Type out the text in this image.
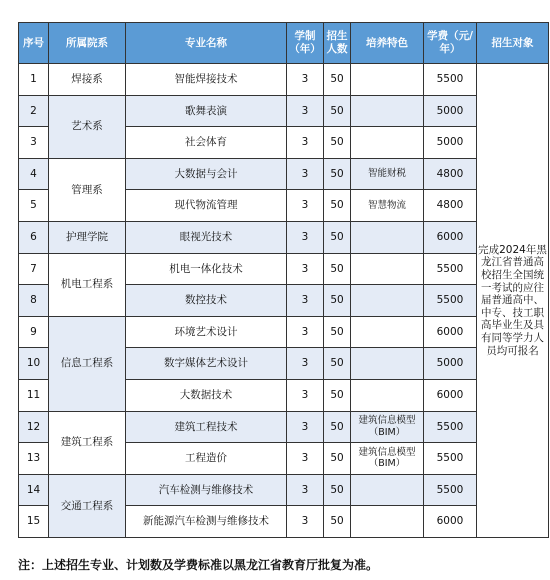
序号	所属院系	专业名称	学制（年）	招生人数	培养特色	学费（元/年）	招生对象
1	焊接系	智能焊接技术	3	50		5500	完成2024年黑龙江省普通高校招生全国统一考试的应往届普通高中、中专、技工职高毕业生及具有同等学力人员均可报名
2	艺术系	歌舞表演	3	50		5000	
3		社会体育	3	50		5000	
4	管理系	大数据与会计	3	50	智能财税	4800	
5		现代物流管理	3	50	智慧物流	4800	
6	护理学院	眼视光技术	3	50		6000	
7	机电工程系	机电一体化技术	3	50		5500	
8		数控技术	3	50		5500	
9	信息工程系	环境艺术设计	3	50		6000	
10		数字媒体艺术设计	3	50		5000	
11		大数据技术	3	50		6000	
12	建筑工程系	建筑工程技术	3	50	建筑信息模型（BIM）	5500	
13		工程造价	3	50	建筑信息模型（BIM）	5500	
14	交通工程系	汽车检测与维修技术	3	50		5500	
15		新能源汽车检测与维修技术	3	50		6000	
注：上述招生专业、计划数及学费标准以黑龙江省教育厅批复为准。
